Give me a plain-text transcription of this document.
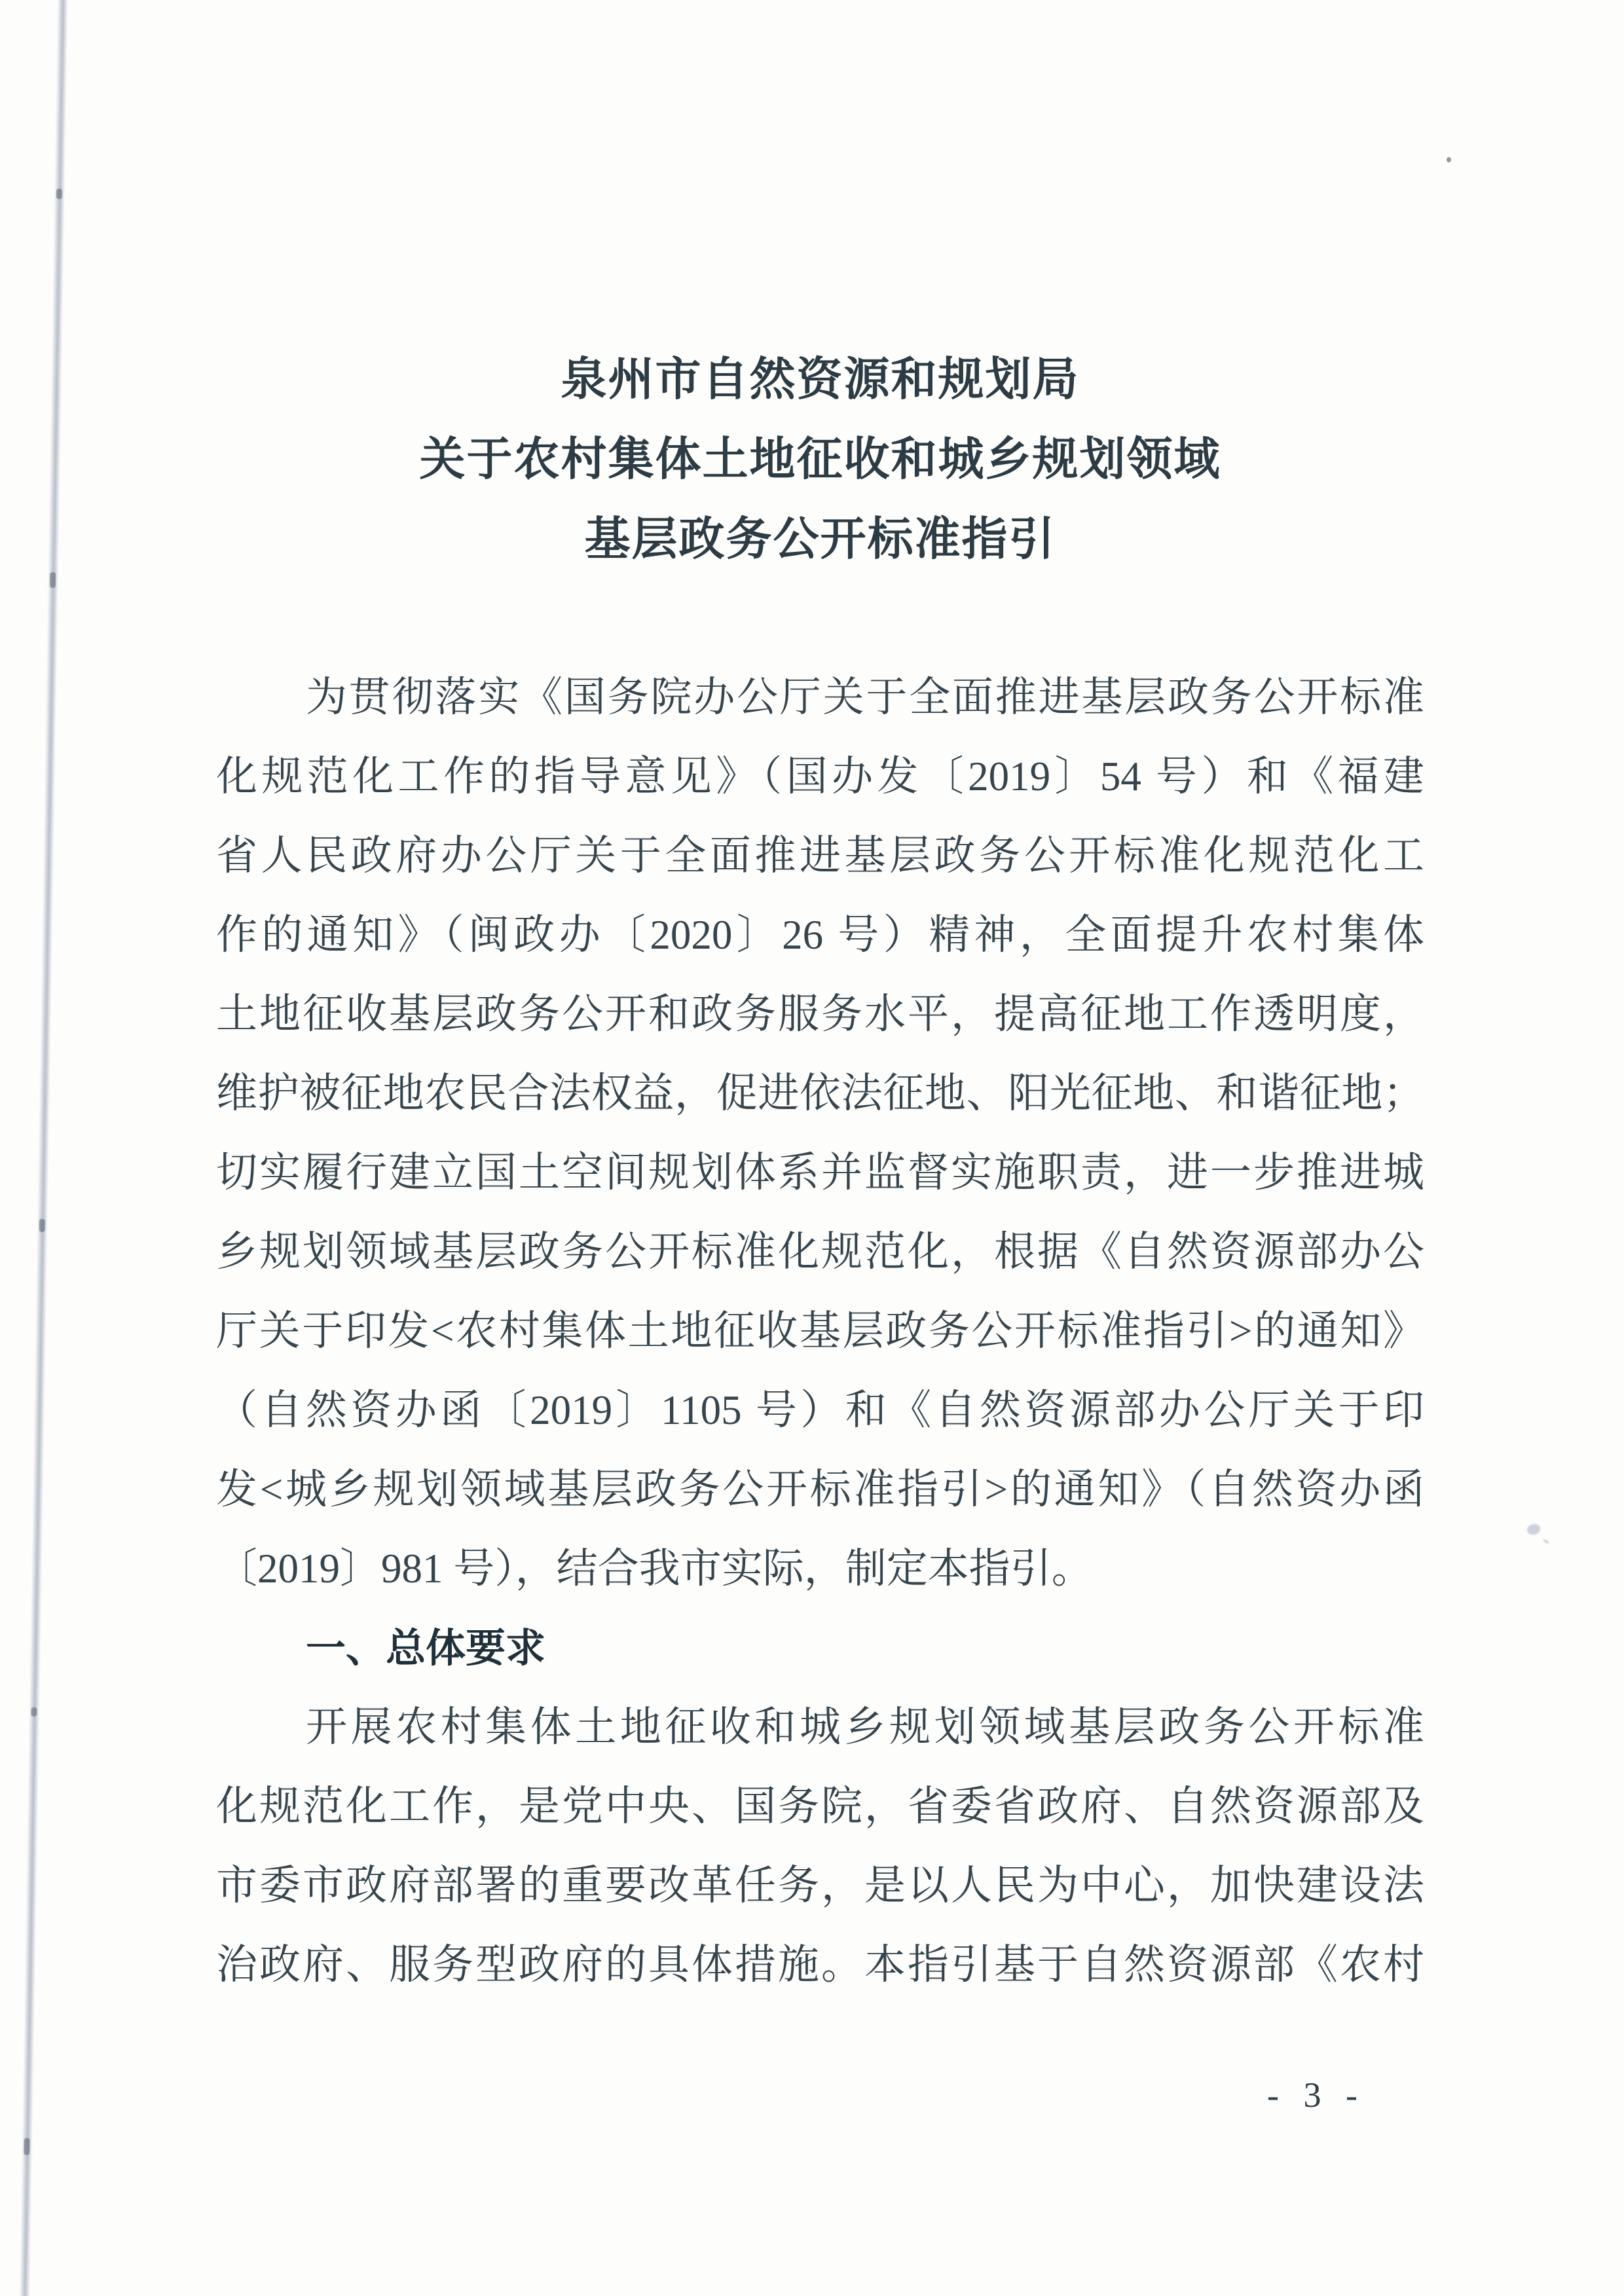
泉州市自然资源和规划局
关于农村集体土地征收和城乡规划领域
基层政务公开标准指引
为贯彻落实《国务院办公厅关于全面推进基层政务公开标准
化规范化工作的指导意见》（国办发〔2019〕54 号）和《福建
省人民政府办公厅关于全面推进基层政务公开标准化规范化工
作的通知》（闽政办〔2020〕26 号）精神，全面提升农村集体
土地征收基层政务公开和政务服务水平，提高征地工作透明度，
维护被征地农民合法权益，促进依法征地、阳光征地、和谐征地；
切实履行建立国土空间规划体系并监督实施职责，进一步推进城
乡规划领域基层政务公开标准化规范化，根据《自然资源部办公
厅关于印发<农村集体土地征收基层政务公开标准指引>的通知》
（自然资办函〔2019〕1105 号）和《自然资源部办公厅关于印
发<城乡规划领域基层政务公开标准指引>的通知》（自然资办函
〔2019〕981 号），结合我市实际，制定本指引。
一、总体要求
开展农村集体土地征收和城乡规划领域基层政务公开标准
化规范化工作，是党中央、国务院，省委省政府、自然资源部及
市委市政府部署的重要改革任务，是以人民为中心，加快建设法
治政府、服务型政府的具体措施。本指引基于自然资源部《农村
- 3 -
